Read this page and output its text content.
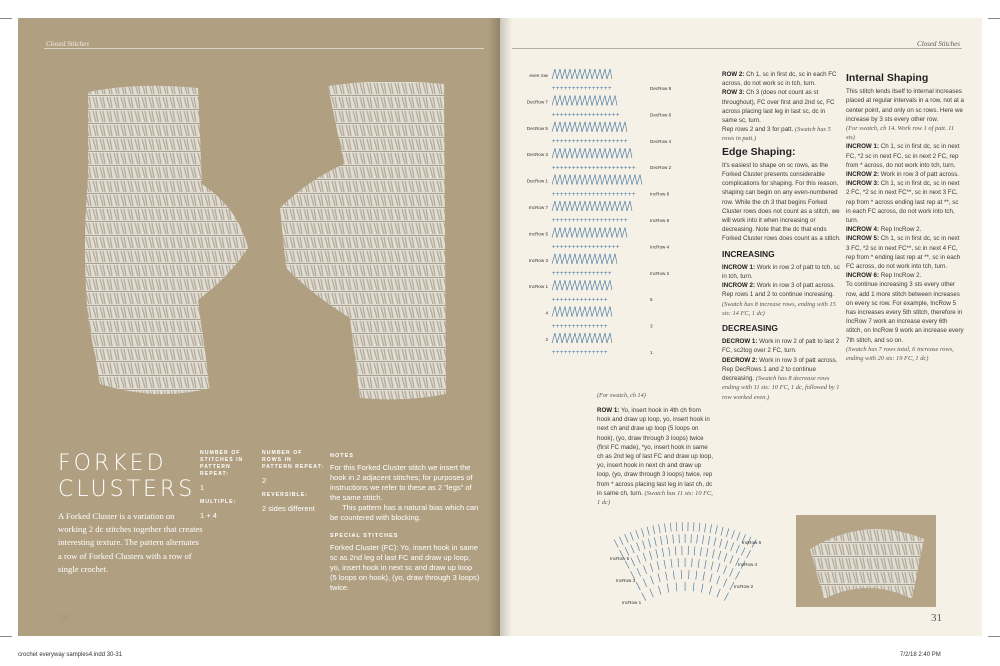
Closed Stitches
FORKED
CLUSTERS
A Forked Cluster is a variation on working 2 dc stitches together that creates interesting texture. The pattern alternates a row of Forked Clusters with a row of single crochet.
NUMBER OF STITCHES IN PATTERN REPEAT:
1
MULTIPLE:
1 + 4
NUMBER OF ROWS IN PATTERN REPEAT:
2
REVERSIBLE:
2 sides different
NOTES
For this Forked Cluster stitch we insert the hook in 2 adjacent stitches; for purposes of instructions we refer to these as 2 "legs" of the same stitch.
This pattern has a natural bias which can be countered with blocking.
SPECIAL STITCHES
Forked Cluster (FC): Yo, insert hook in same sc as 2nd leg of last FC and draw up loop, yo, insert hook in next sc and draw up loop (5 loops on hook), (yo, draw through 3 loops) twice.
30
Closed Stitches
+ + + + + + + + + + + + + + +
+ + + + + + + + + + + + + + + + +
+ + + + + + + + + + + + + + + + + + +
+ + + + + + + + + + + + + + + + + + + + +
+ + + + + + + + + + + + + + + + + + + + +
+ + + + + + + + + + + + + + + + + + +
+ + + + + + + + + + + + + + + + +
+ + + + + + + + + + + + + + +
+ + + + + + + + + + + + + +
+ + + + + + + + + + + + + +
+ + + + + + + + + + + + + +
even row
DecRow 7
DecRow 5
DecRow 3
DecRow 1
IncRow 7
IncRow 5
IncRow 3
IncRow 1
4
2
DecRow 8
DecRow 6
DecRow 4
DecRow 2
IncRow 8
IncRow 6
IncRow 4
IncRow 2
5
3
1
(For swatch, ch 14)
ROW 1: Yo, insert hook in 4th ch from hook and draw up loop, yo, insert hook in next ch and draw up loop (5 loops on hook), (yo, draw through 3 loops) twice (first FC made), *yo, insert hook in same ch as 2nd leg of last FC and draw up loop, yo, insert hook in next ch and draw up loop, (yo, draw through 3 loops) twice, rep from * across placing last leg in last ch, dc in same ch, turn. (Swatch has 11 sts: 10 FC, 1 dc)
ROW 2: Ch 1, sc in first dc, sc in each FC across, do not work sc in tch, turn.
ROW 3: Ch 3 (does not count as st throughout), FC over first and 2nd sc, FC across placing last leg in last sc, dc in same sc, turn.
Rep rows 2 and 3 for patt. (Swatch has 5 rows in patt.)
Edge Shaping:
It's easiest to shape on sc rows, as the Forked Cluster presents considerable complications for shaping. For this reason, shaping can begin on any even-numbered row. While the ch 3 that begins Forked Cluster rows does not count as a stitch, we will work into it when increasing or decreasing. Note that the dc that ends Forked Cluster rows does count as a stitch.
INCREASING
INCROW 1: Work in row 2 of patt to tch, sc in tch, turn.
INCROW 2: Work in row 3 of patt across.
Rep rows 1 and 2 to continue increasing.
(Swatch has 8 increase rows, ending with 15 sts: 14 FC, 1 dc)
DECREASING
DECROW 1: Work in row 2 of patt to last 2 FC, sc2tog over 2 FC, turn.
DECROW 2: Work in row 3 of patt across.
Rep DecRows 1 and 2 to continue decreasing. (Swatch has 8 decrease rows ending with 11 sts: 10 FC, 1 dc, followed by 1 row worked even.)
Internal Shaping
This stitch lends itself to internal increases placed at regular intervals in a row, not at a center point, and only on sc rows. Here we increase by 3 sts every other row.
(For swatch, ch 14. Work row 1 of patt. 11 sts)
INCROW 1: Ch 1, sc in first dc, sc in next FC, *2 sc in next FC, sc in next 2 FC, rep from * across, do not work into tch, turn.
INCROW 2: Work in row 3 of patt across.
INCROW 3: Ch 1, sc in first dc, sc in next 2 FC, *2 sc in next FC**, sc in next 3 FC, rep from * across ending last rep at **, sc in each FC across, do not work into tch, turn.
INCROW 4: Rep IncRow 2.
INCROW 5: Ch 1, sc in first dc, sc in next 3 FC, *2 sc in next FC**, sc in next 4 FC, rep from * ending last rep at **, sc in each FC across, do not work into tch, turn.
INCROW 6: Rep IncRow 2.
To continue increasing 3 sts every other row, add 1 more stitch between increases on every sc row. For example, IncRow 5 has increases every 5th stitch, therefore in IncRow 7 work an increase every 6th stitch, on IncRow 9 work an increase every 7th stitch, and so on.
(Swatch has 7 rows total, 6 increase rows, ending with 20 sts: 19 FC, 1 dc)
IncRow 5
IncRow 3
IncRow 1
IncRow 6
IncRow 4
IncRow 2
31
crochet everyway samples4.indd 30-31	7/2/18 2:40 PM
